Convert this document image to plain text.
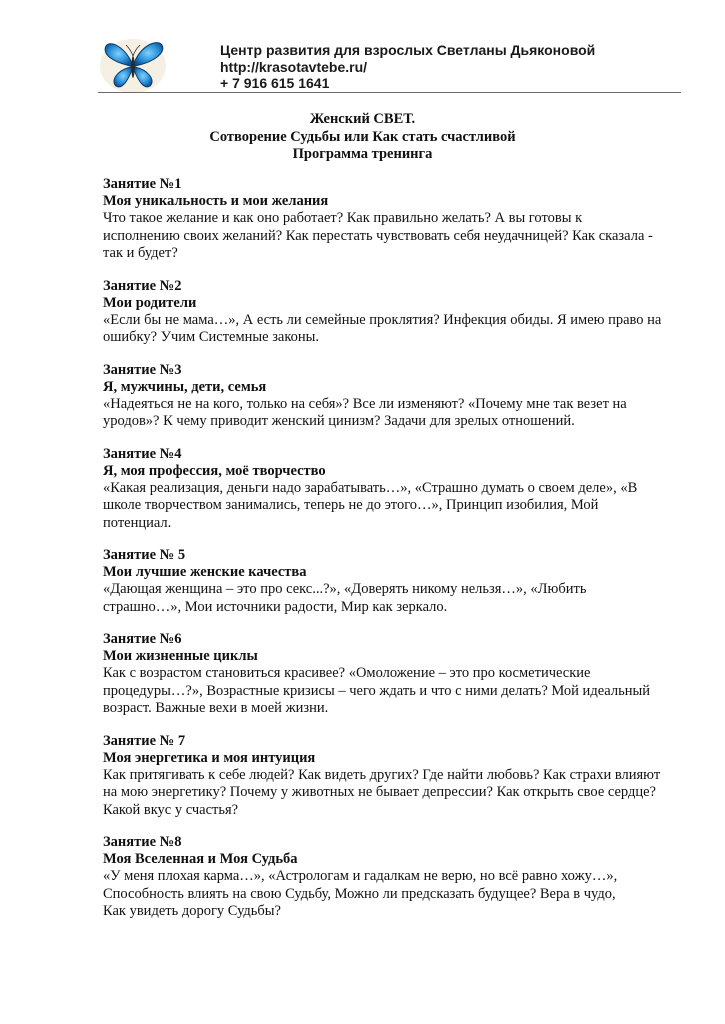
Центр развития для взрослых Светланы Дьяконовой
http://krasotavtebe.ru/
+ 7 916 615 1641
Женский СВЕТ.
Сотворение Судьбы или Как стать счастливой
Программа тренинга
Занятие №1
Моя уникальность и мои желания
Что такое желание и как оно работает? Как правильно желать? А вы готовы к
исполнению своих желаний? Как перестать чувствовать себя неудачницей? Как сказала -
так и будет?
Занятие №2
Мои родители
«Если бы не мама…», А есть ли семейные проклятия? Инфекция обиды. Я имею право на
ошибку? Учим Системные законы.
Занятие №3
Я, мужчины, дети, семья
«Надеяться не на кого, только на себя»? Все ли изменяют? «Почему мне так везет на
уродов»? К чему приводит женский цинизм? Задачи для зрелых отношений.
Занятие №4
Я, моя профессия, моё творчество
«Какая реализация, деньги надо зарабатывать…», «Страшно думать о своем деле», «В
школе творчеством занимались, теперь не до этого…», Принцип изобилия, Мой
потенциал.
Занятие № 5
Мои лучшие женские качества
«Дающая женщина – это про секс...?», «Доверять никому нельзя…», «Любить
страшно…», Мои источники радости, Мир как зеркало.
Занятие №6
Мои жизненные циклы
Как с возрастом становиться красивее? «Омоложение – это про косметические
процедуры…?», Возрастные кризисы – чего ждать и что с ними делать? Мой идеальный
возраст. Важные вехи в моей жизни.
Занятие № 7
Моя энергетика и моя интуиция
Как притягивать к себе людей? Как видеть других? Где найти любовь? Как страхи влияют
на мою энергетику? Почему у животных не бывает депрессии? Как открыть свое сердце?
Какой вкус у счастья?
Занятие №8
Моя Вселенная и Моя Судьба
«У меня плохая карма…», «Астрологам и гадалкам не верю, но всё равно хожу…»,
Способность влиять на свою Судьбу, Можно ли предсказать будущее? Вера в чудо,
Как увидеть дорогу Судьбы?
